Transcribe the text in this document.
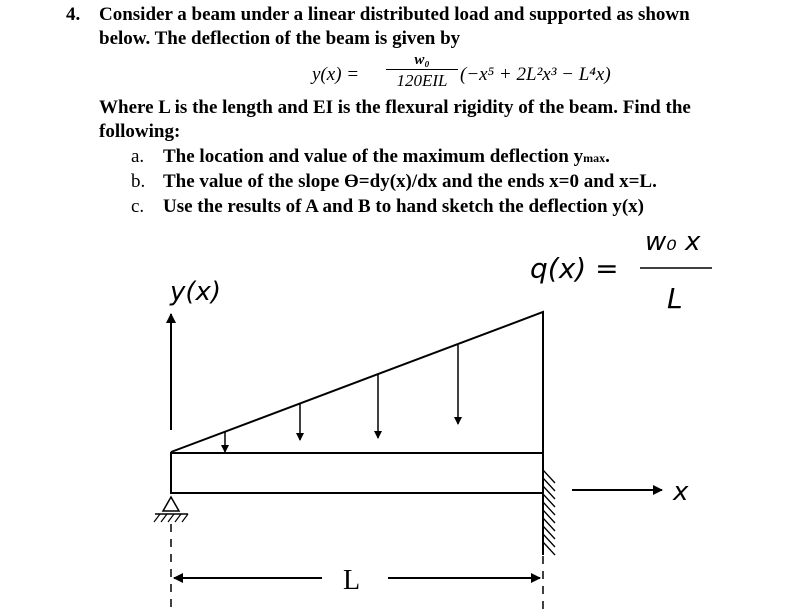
4. Consider a beam under a linear distributed load and supported as shown
below. The deflection of the beam is given by
y(x) =
w₀
120EIL (−x⁵ + 2L²x³ − L⁴x)
Where L is the length and EI is the flexural rigidity of the beam. Find the
following:
a. The location and value of the maximum deflection ymax.
b. The value of the slope ϴ=dy(x)/dx and the ends x=0 and x=L.
c. Use the results of A and B to hand sketch the deflection y(x)
y(x)
q(x) =
w₀ x
L
x
L
